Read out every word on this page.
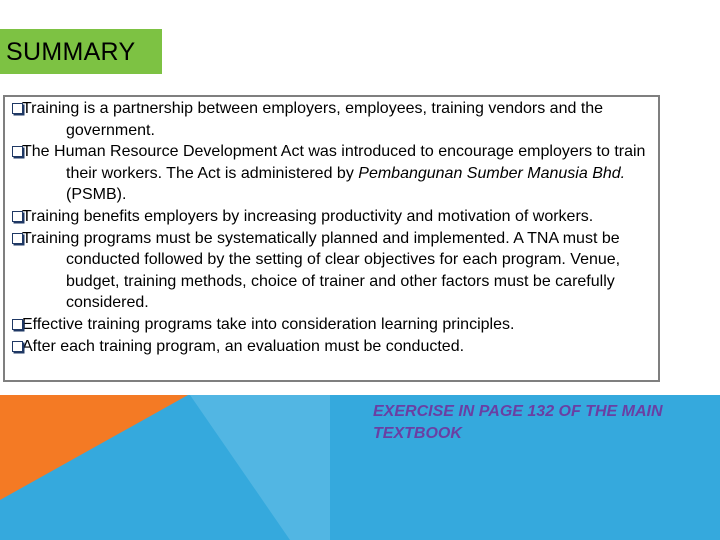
SUMMARY
Training is a partnership between employers, employees, training vendors and the government.
The Human Resource Development Act was introduced to encourage employers to train their workers. The Act is administered by Pembangunan Sumber Manusia Bhd. (PSMB).
Training benefits employers by increasing productivity and motivation of workers.
Training programs must be systematically planned and implemented. A TNA must be conducted followed by the setting of clear objectives for each program. Venue, budget, training methods, choice of trainer and other factors must be carefully considered.
Effective training programs take into consideration learning principles.
After each training program, an evaluation must be conducted.
EXERCISE IN PAGE 132 OF THE MAIN TEXTBOOK
